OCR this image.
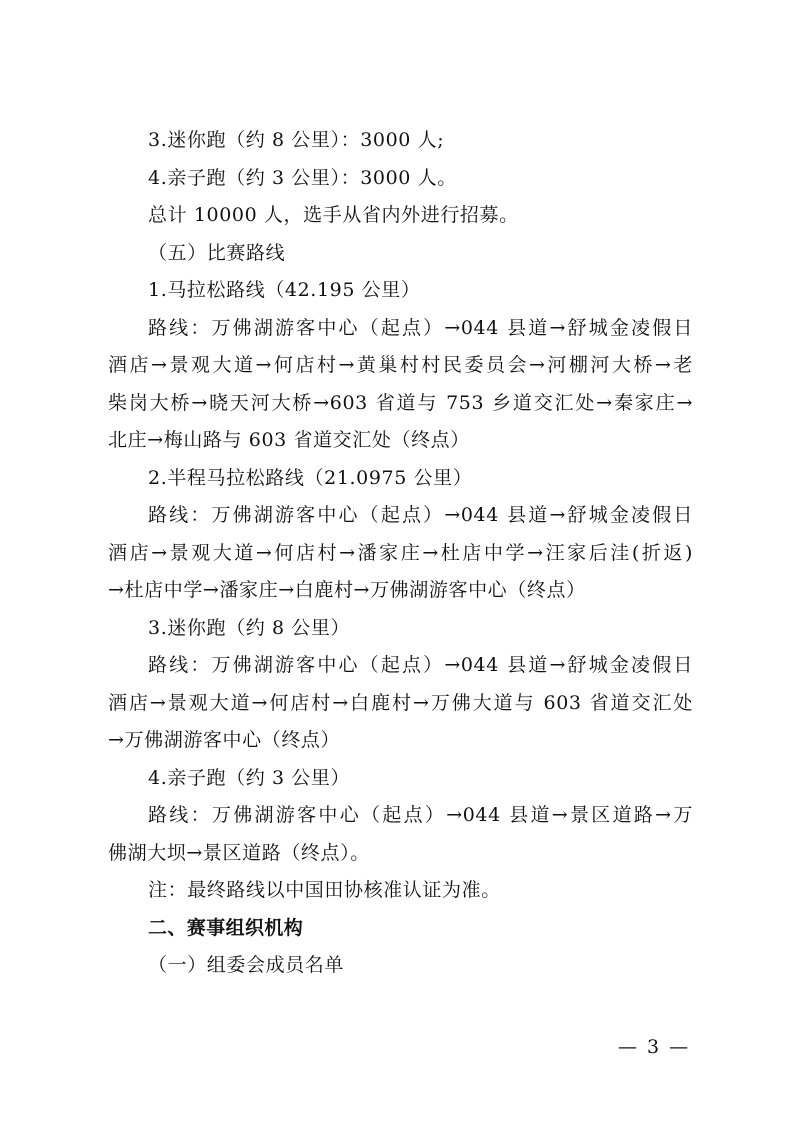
3.迷你跑（约 8 公里）：3000 人;
4.亲子跑（约 3 公里）：3000 人。
总计 10000 人，选手从省内外进行招募。
（五）比赛路线
1.马拉松路线（42.195 公里）
路线：万佛湖游客中心（起点）→044 县道→舒城金凌假日
酒店→景观大道→何店村→黄巢村村民委员会→河棚河大桥→老
柴岗大桥→晓天河大桥→603 省道与 753 乡道交汇处→秦家庄→
北庄→梅山路与 603 省道交汇处（终点）
2.半程马拉松路线（21.0975 公里）
路线：万佛湖游客中心（起点）→044 县道→舒城金凌假日
酒店→景观大道→何店村→潘家庄→杜店中学→汪家后洼(折返)
→杜店中学→潘家庄→白鹿村→万佛湖游客中心（终点）
3.迷你跑（约 8 公里）
路线：万佛湖游客中心（起点）→044 县道→舒城金凌假日
酒店→景观大道→何店村→白鹿村→万佛大道与 603 省道交汇处
→万佛湖游客中心（终点）
4.亲子跑（约 3 公里）
路线：万佛湖游客中心（起点）→044 县道→景区道路→万
佛湖大坝→景区道路（终点）。
注：最终路线以中国田协核准认证为准。
二、赛事组织机构
（一）组委会成员名单
— 3 —
